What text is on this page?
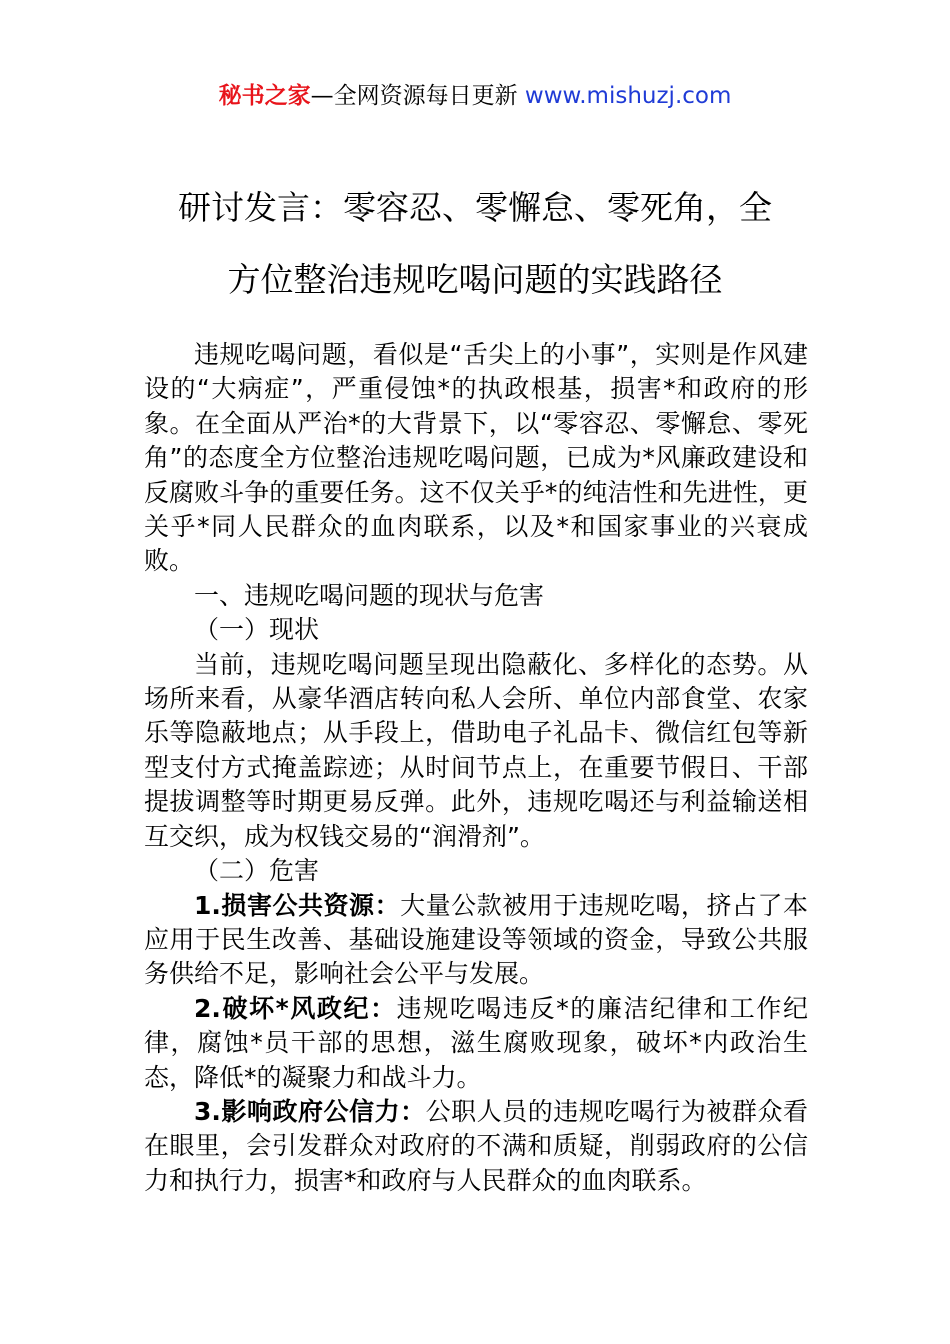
秘书之家—全网资源每日更新 www.mishuzj.com
研讨发言：零容忍、零懈怠、零死角，全
方位整治违规吃喝问题的实践路径

违规吃喝问题，看似是“舌尖上的小事”，实则是作风建设的“大病症”，严重侵蚀*的执政根基，损害*和政府的形象。在全面从严治*的大背景下，以“零容忍、零懈怠、零死角”的态度全方位整治违规吃喝问题，已成为*风廉政建设和反腐败斗争的重要任务。这不仅关乎*的纯洁性和先进性，更关乎*同人民群众的血肉联系，以及*和国家事业的兴衰成败。

一、违规吃喝问题的现状与危害

（一）现状

当前，违规吃喝问题呈现出隐蔽化、多样化的态势。从场所来看，从豪华酒店转向私人会所、单位内部食堂、农家乐等隐蔽地点；从手段上，借助电子礼品卡、微信红包等新型支付方式掩盖踪迹；从时间节点上，在重要节假日、干部提拔调整等时期更易反弹。此外，违规吃喝还与利益输送相互交织，成为权钱交易的“润滑剂”。

（二）危害

1.损害公共资源：大量公款被用于违规吃喝，挤占了本应用于民生改善、基础设施建设等领域的资金，导致公共服务供给不足，影响社会公平与发展。

2.破坏*风政纪：违规吃喝违反*的廉洁纪律和工作纪律，腐蚀*员干部的思想，滋生腐败现象，破坏*内政治生态，降低*的凝聚力和战斗力。

3.影响政府公信力：公职人员的违规吃喝行为被群众看在眼里，会引发群众对政府的不满和质疑，削弱政府的公信力和执行力，损害*和政府与人民群众的血肉联系。
